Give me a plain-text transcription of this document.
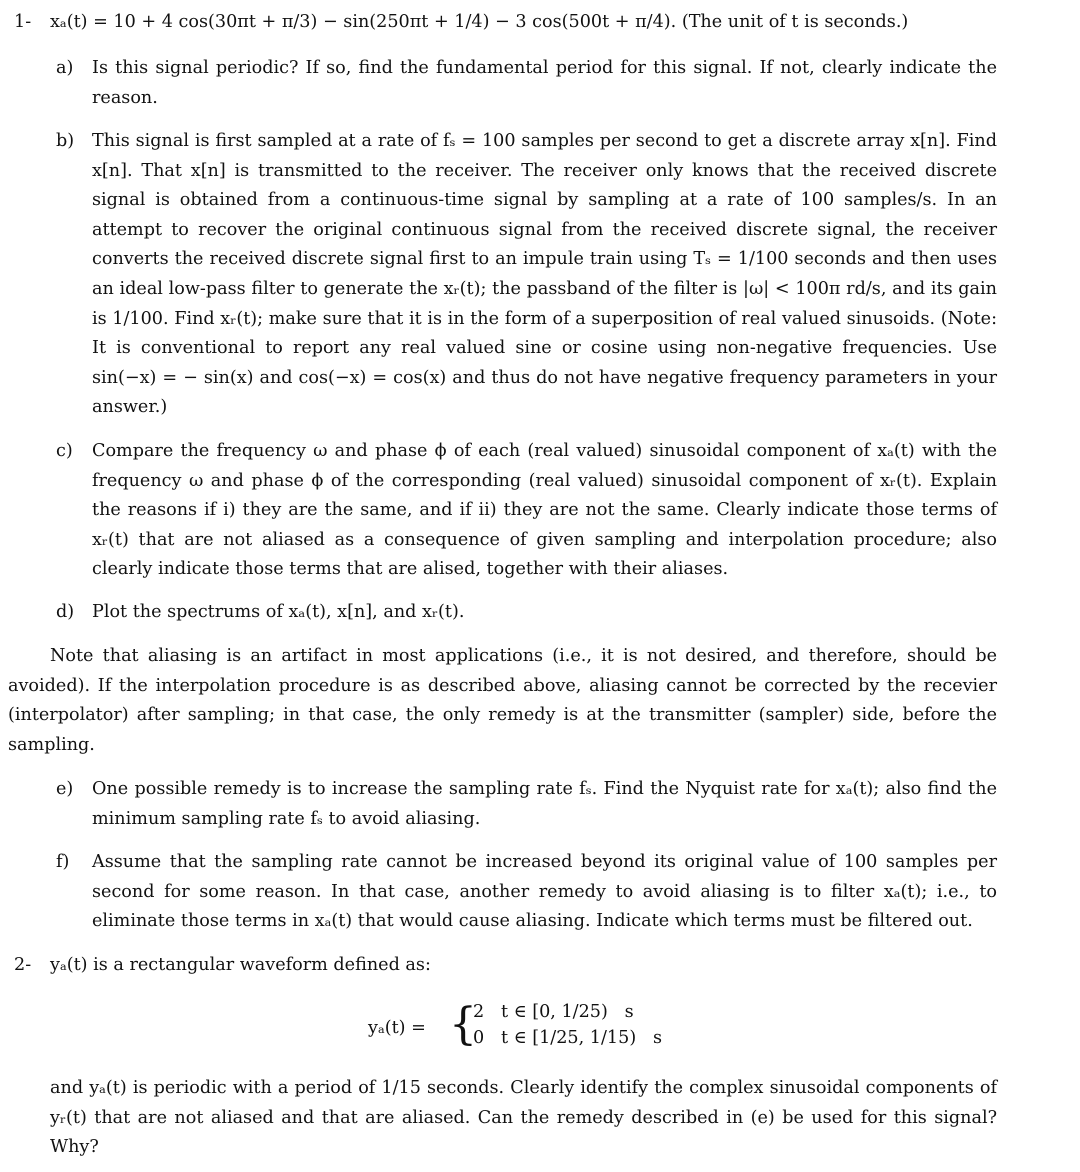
1- xₐ(t) = 10 + 4 cos(30πt + π/3) − sin(250πt + 1/4) − 3 cos(500t + π/4). (The unit of t is seconds.)
a) Is this signal periodic? If so, find the fundamental period for this signal. If not, clearly indicate the reason.

b) This signal is first sampled at a rate of fₛ = 100 samples per second to get a discrete array x[n]. Find x[n]. That x[n] is transmitted to the receiver. The receiver only knows that the received discrete signal is obtained from a continuous-time signal by sampling at a rate of 100 samples/s. In an attempt to recover the original continuous signal from the received discrete signal, the receiver converts the received discrete signal first to an impule train using Tₛ = 1/100 seconds and then uses an ideal low-pass filter to generate the xᵣ(t); the passband of the filter is |ω| < 100π rd/s, and its gain is 1/100. Find xᵣ(t); make sure that it is in the form of a superposition of real valued sinusoids. (Note: It is conventional to report any real valued sine or cosine using non-negative frequencies. Use sin(−x) = − sin(x) and cos(−x) = cos(x) and thus do not have negative frequency parameters in your answer.)

c) Compare the frequency ω and phase ϕ of each (real valued) sinusoidal component of xₐ(t) with the frequency ω and phase ϕ of the corresponding (real valued) sinusoidal component of xᵣ(t). Explain the reasons if i) they are the same, and if ii) they are not the same. Clearly indicate those terms of xᵣ(t) that are not aliased as a consequence of given sampling and interpolation procedure; also clearly indicate those terms that are alised, together with their aliases.

d) Plot the spectrums of xₐ(t), x[n], and xᵣ(t).

Note that aliasing is an artifact in most applications (i.e., it is not desired, and therefore, should be avoided). If the interpolation procedure is as described above, aliasing cannot be corrected by the recevier (interpolator) after sampling; in that case, the only remedy is at the transmitter (sampler) side, before the sampling.

e) One possible remedy is to increase the sampling rate fₛ. Find the Nyquist rate for xₐ(t); also find the minimum sampling rate fₛ to avoid aliasing.

f) Assume that the sampling rate cannot be increased beyond its original value of 100 samples per second for some reason. In that case, another remedy to avoid aliasing is to filter xₐ(t); i.e., to eliminate those terms in xₐ(t) that would cause aliasing. Indicate which terms must be filtered out.

2- yₐ(t) is a rectangular waveform defined as:
yₐ(t) = {
2   t ∈ [0, 1/25)   s
0   t ∈ [1/25, 1/15)   s

and yₐ(t) is periodic with a period of 1/15 seconds. Clearly identify the complex sinusoidal components of yᵣ(t) that are not aliased and that are aliased. Can the remedy described in (e) be used for this signal? Why?
